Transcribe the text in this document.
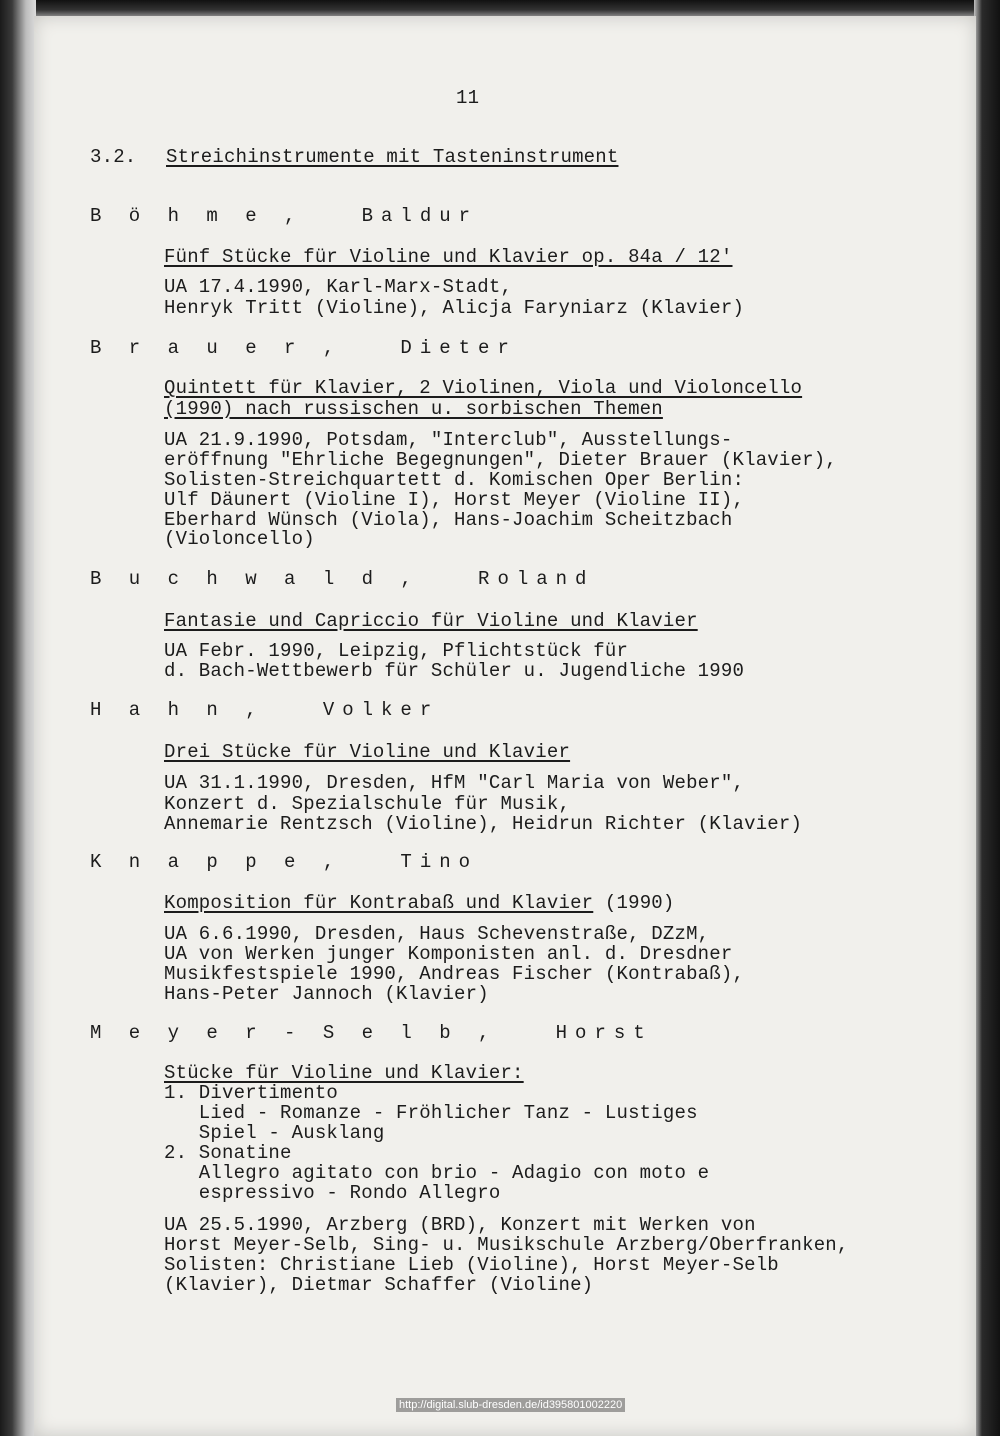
11
3.2. Streichinstrumente mit Tasteninstrument
B ö h m e ,   Baldur
Fünf Stücke für Violine und Klavier op. 84a / 12'
UA 17.4.1990, Karl-Marx-Stadt,
Henryk Tritt (Violine), Alicja Faryniarz (Klavier)
B r a u e r ,   Dieter
Quintett für Klavier, 2 Violinen, Viola und Violoncello
(1990) nach russischen u. sorbischen Themen
UA 21.9.1990, Potsdam, "Interclub", Ausstellungs-
eröffnung "Ehrliche Begegnungen", Dieter Brauer (Klavier),
Solisten-Streichquartett d. Komischen Oper Berlin:
Ulf Däunert (Violine I), Horst Meyer (Violine II),
Eberhard Wünsch (Viola), Hans-Joachim Scheitzbach
(Violoncello)
B u c h w a l d ,   Roland
Fantasie und Capriccio für Violine und Klavier
UA Febr. 1990, Leipzig, Pflichtstück für
d. Bach-Wettbewerb für Schüler u. Jugendliche 1990
H a h n ,   Volker
Drei Stücke für Violine und Klavier
UA 31.1.1990, Dresden, HfM "Carl Maria von Weber",
Konzert d. Spezialschule für Musik,
Annemarie Rentzsch (Violine), Heidrun Richter (Klavier)
K n a p p e ,   Tino
Komposition für Kontrabaß und Klavier (1990)
UA 6.6.1990, Dresden, Haus Schevenstraße, DZzM,
UA von Werken junger Komponisten anl. d. Dresdner
Musikfestspiele 1990, Andreas Fischer (Kontrabaß),
Hans-Peter Jannoch (Klavier)
M e y e r - S e l b ,   Horst
Stücke für Violine und Klavier:
1. Divertimento
Lied - Romanze - Fröhlicher Tanz - Lustiges
Spiel - Ausklang
2. Sonatine
Allegro agitato con brio - Adagio con moto e
espressivo - Rondo Allegro
UA 25.5.1990, Arzberg (BRD), Konzert mit Werken von
Horst Meyer-Selb, Sing- u. Musikschule Arzberg/Oberfranken,
Solisten: Christiane Lieb (Violine), Horst Meyer-Selb
(Klavier), Dietmar Schaffer (Violine)
http://digital.slub-dresden.de/id395801002220
